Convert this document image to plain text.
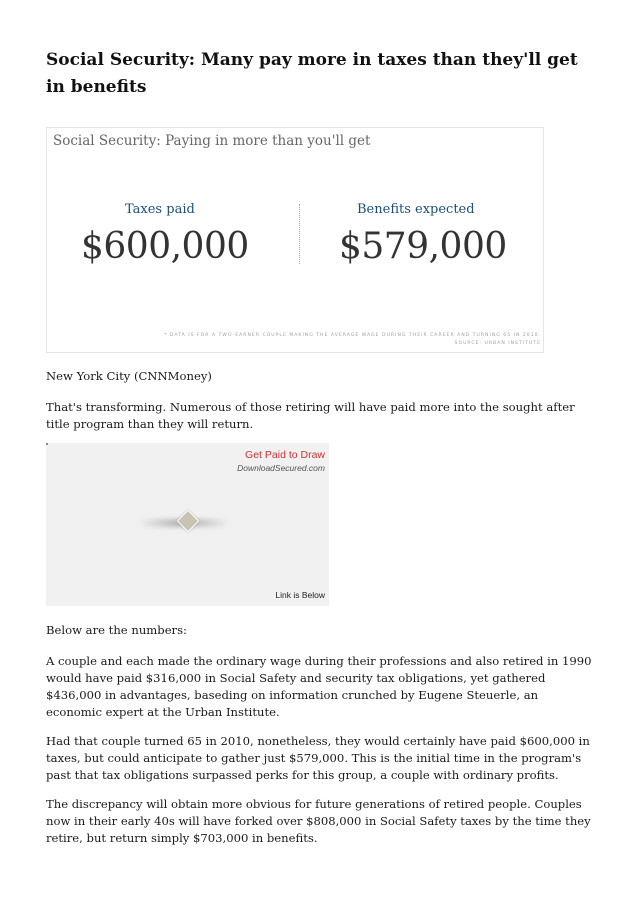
Social Security: Many pay more in taxes than they'll get in benefits
Social Security: Paying in more than you'll get
Taxes paid
$600,000
Benefits expected
$579,000
* DATA IS FOR A TWO-EARNER COUPLE MAKING THE AVERAGE WAGE DURING THEIR CAREER AND TURNING 65 IN 2010.
SOURCE: URBAN INSTITUTE

New York City (CNNMoney)

That's transforming. Numerous of those retiring will have paid more into the sought after title program than they will return.

Get Paid to Draw
DownloadSecured.com
Link is Below

Below are the numbers:

A couple and each made the ordinary wage during their professions and also retired in 1990 would have paid $316,000 in Social Safety and security tax obligations, yet gathered $436,000 in advantages, baseding on information crunched by Eugene Steuerle, an economic expert at the Urban Institute.

Had that couple turned 65 in 2010, nonetheless, they would certainly have paid $600,000 in taxes, but could anticipate to gather just $579,000. This is the initial time in the program's past that tax obligations surpassed perks for this group, a couple with ordinary profits.

The discrepancy will obtain more obvious for future generations of retired people. Couples now in their early 40s will have forked over $808,000 in Social Safety taxes by the time they retire, but return simply $703,000 in benefits.
